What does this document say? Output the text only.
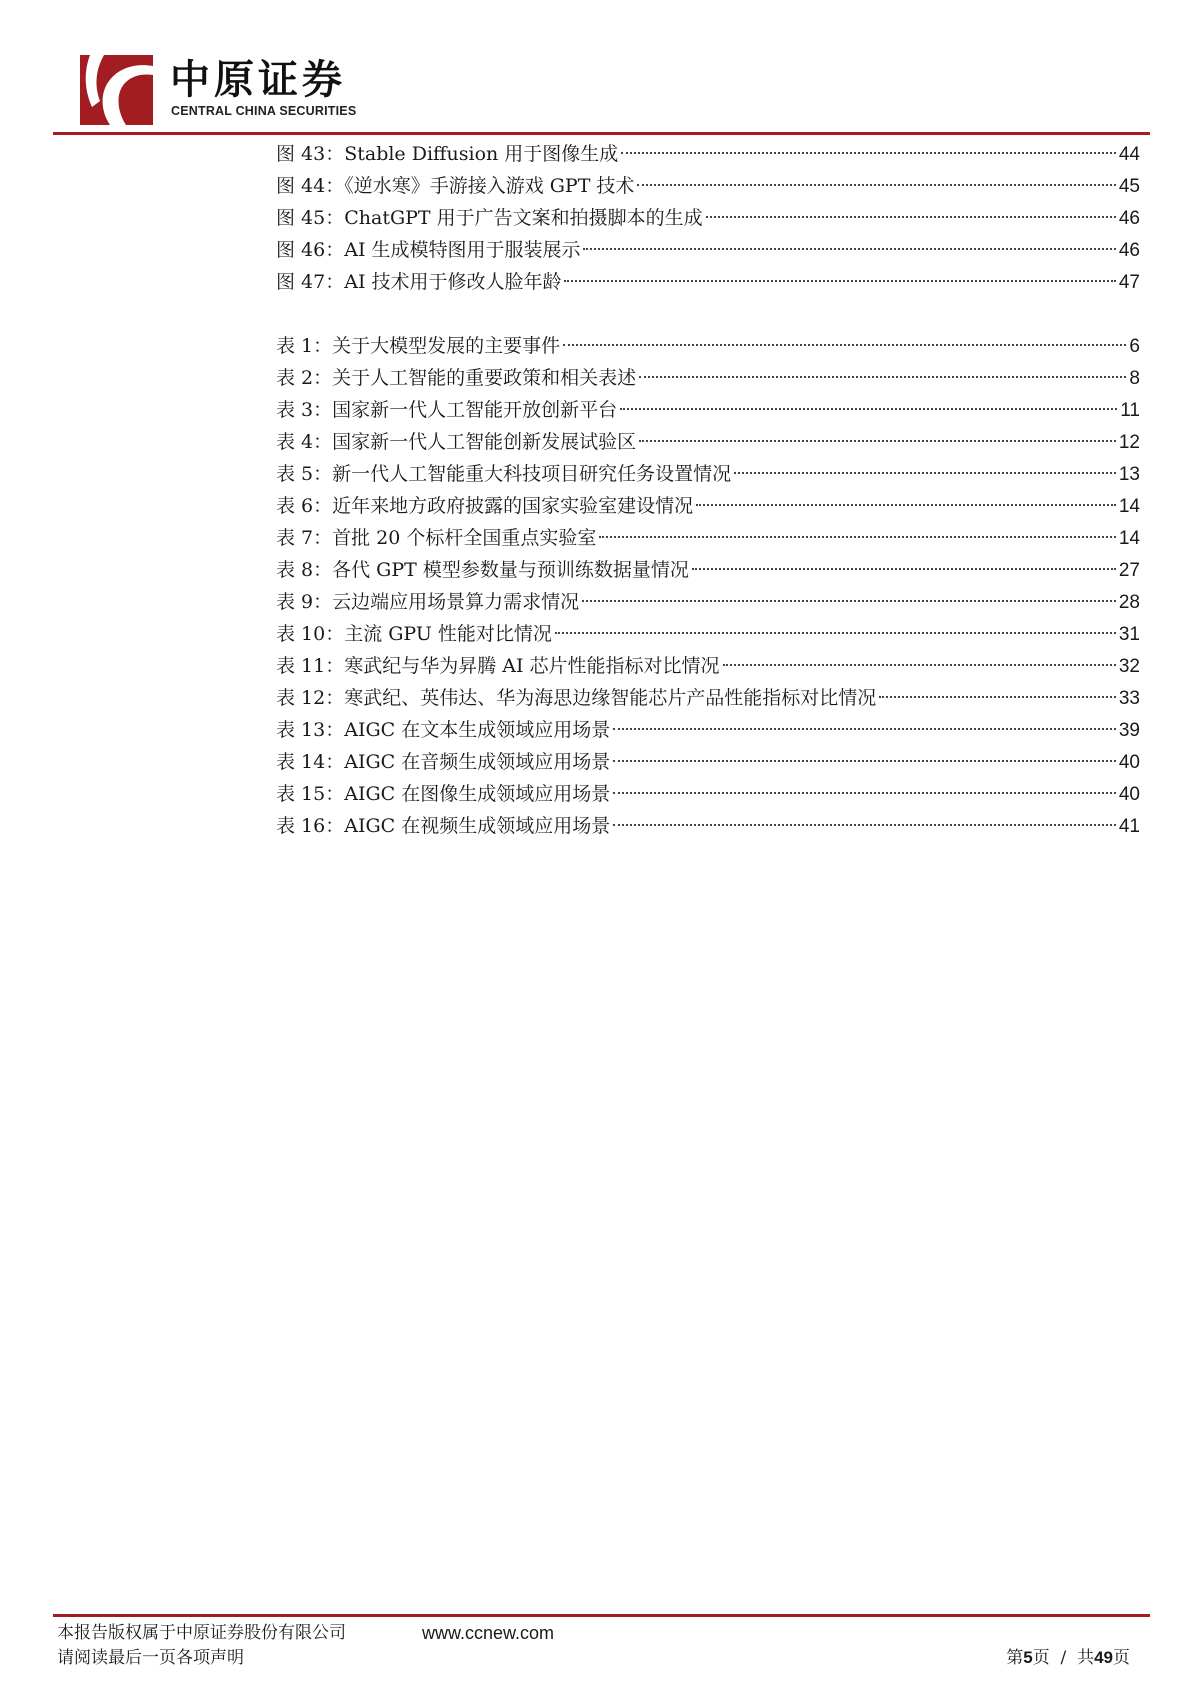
中原证券
CENTRAL CHINA SECURITIES
图 43：Stable Diffusion 用于图像生成	44
图 44：《逆水寒》手游接入游戏 GPT 技术	45
图 45：ChatGPT 用于广告文案和拍摄脚本的生成	46
图 46：AI 生成模特图用于服装展示	46
图 47：AI 技术用于修改人脸年龄	47
表 1：关于大模型发展的主要事件	6
表 2：关于人工智能的重要政策和相关表述	8
表 3：国家新一代人工智能开放创新平台	11
表 4：国家新一代人工智能创新发展试验区	12
表 5：新一代人工智能重大科技项目研究任务设置情况	13
表 6：近年来地方政府披露的国家实验室建设情况	14
表 7：首批 20 个标杆全国重点实验室	14
表 8：各代 GPT 模型参数量与预训练数据量情况	27
表 9：云边端应用场景算力需求情况	28
表 10：主流 GPU 性能对比情况	31
表 11：寒武纪与华为昇腾 AI 芯片性能指标对比情况	32
表 12：寒武纪、英伟达、华为海思边缘智能芯片产品性能指标对比情况	33
表 13：AIGC 在文本生成领域应用场景	39
表 14：AIGC 在音频生成领域应用场景	40
表 15：AIGC 在图像生成领域应用场景	40
表 16：AIGC 在视频生成领域应用场景	41
本报告版权属于中原证券股份有限公司	www.ccnew.com
请阅读最后一页各项声明	第5页  /  共49页
